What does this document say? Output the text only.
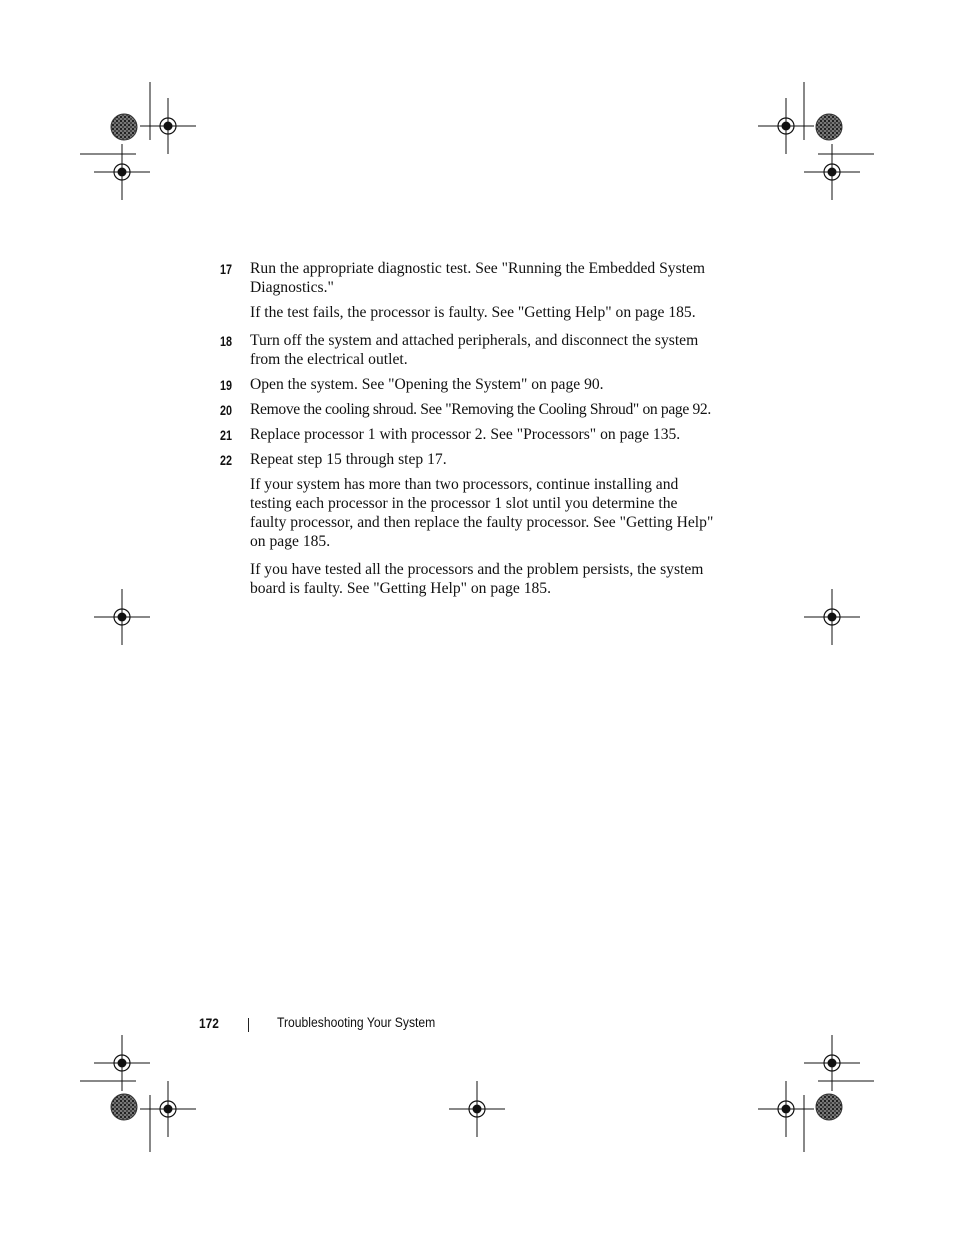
17 Run the appropriate diagnostic test. See "Running the Embedded System
Diagnostics."
If the test fails, the processor is faulty. See "Getting Help" on page 185.
18 Turn off the system and attached peripherals, and disconnect the system
from the electrical outlet.
19 Open the system. See "Opening the System" on page 90.
20 Remove the cooling shroud. See "Removing the Cooling Shroud" on page 92.
21 Replace processor 1 with processor 2. See "Processors" on page 135.
22 Repeat step 15 through step 17.
If your system has more than two processors, continue installing and
testing each processor in the processor 1 slot until you determine the
faulty processor, and then replace the faulty processor. See "Getting Help"
on page 185.
If you have tested all the processors and the problem persists, the system
board is faulty. See "Getting Help" on page 185.
172	Troubleshooting Your System
